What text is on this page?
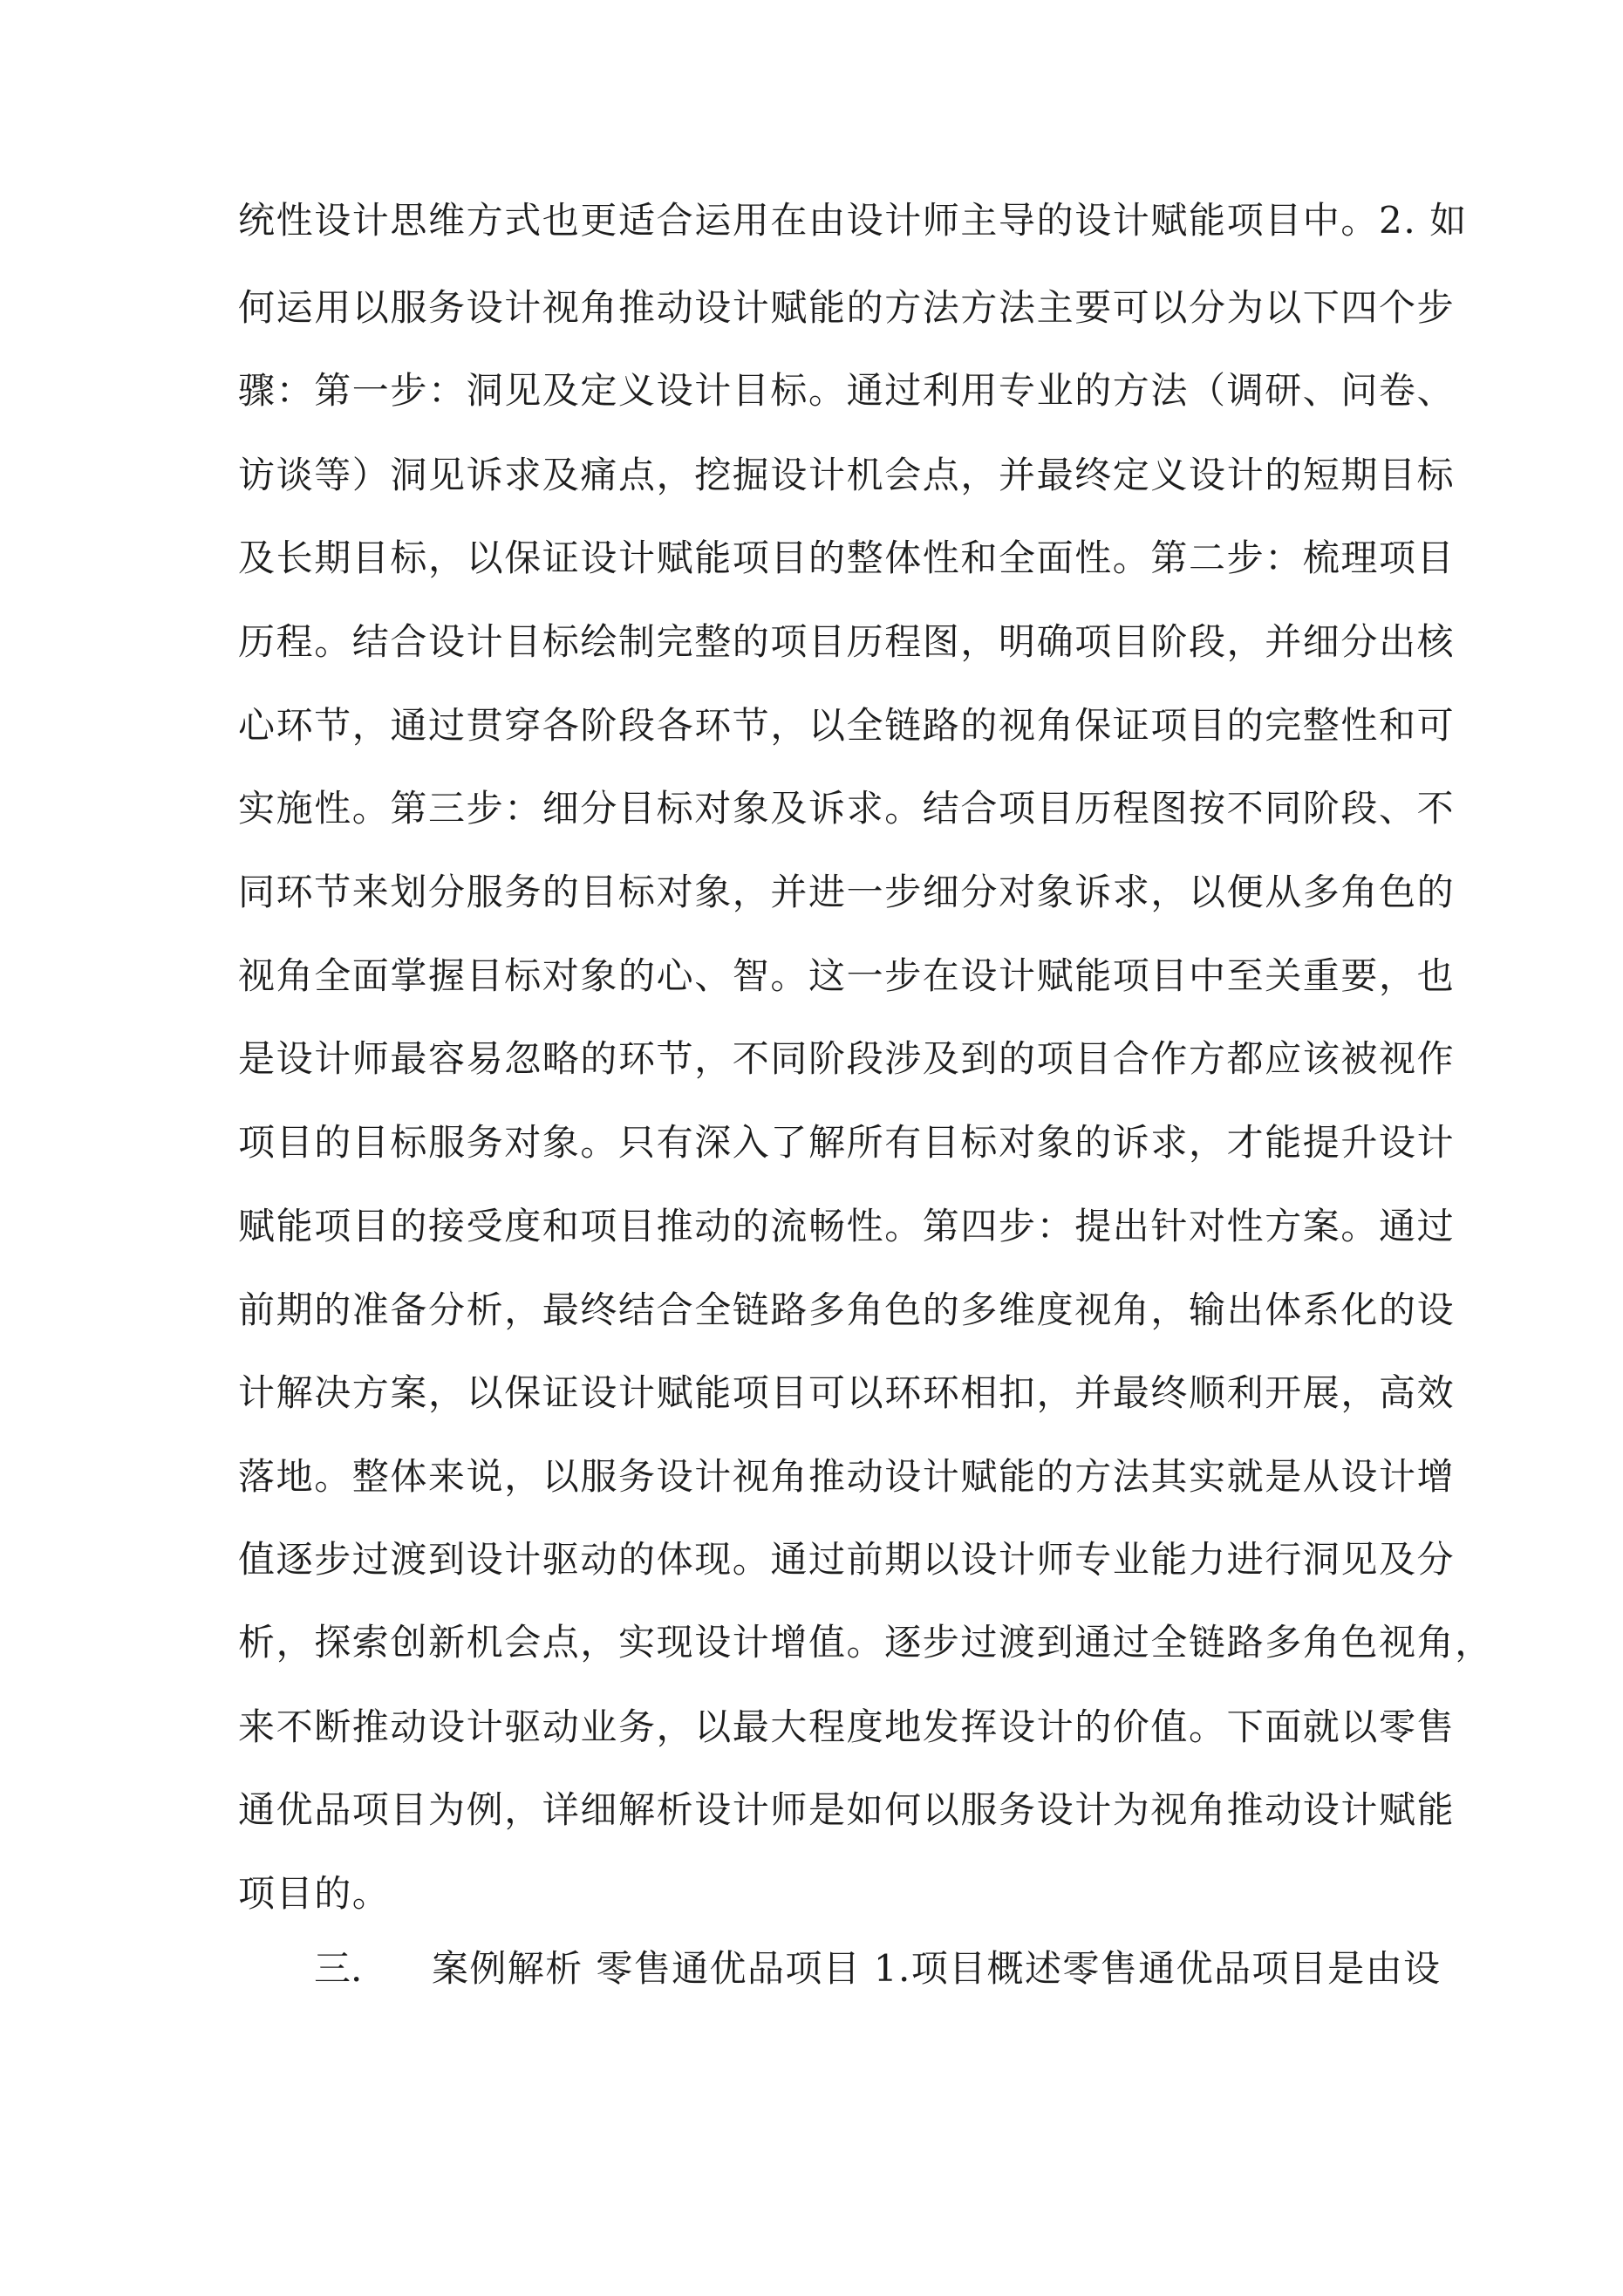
统性设计思维方式也更适合运用在由设计师主导的设计赋能项目中。2. 如
何运用以服务设计视角推动设计赋能的方法方法主要可以分为以下四个步
骤：第一步：洞见及定义设计目标。通过利用专业的方法（调研、问卷、
访谈等）洞见诉求及痛点，挖掘设计机会点，并最终定义设计的短期目标
及长期目标，以保证设计赋能项目的整体性和全面性。第二步：梳理项目
历程。结合设计目标绘制完整的项目历程图，明确项目阶段，并细分出核
心环节，通过贯穿各阶段各环节，以全链路的视角保证项目的完整性和可
实施性。第三步：细分目标对象及诉求。结合项目历程图按不同阶段、不
同环节来划分服务的目标对象，并进一步细分对象诉求，以便从多角色的
视角全面掌握目标对象的心、智。这一步在设计赋能项目中至关重要，也
是设计师最容易忽略的环节，不同阶段涉及到的项目合作方都应该被视作
项目的目标服务对象。只有深入了解所有目标对象的诉求，才能提升设计
赋能项目的接受度和项目推动的流畅性。第四步：提出针对性方案。通过
前期的准备分析，最终结合全链路多角色的多维度视角，输出体系化的设
计解决方案，以保证设计赋能项目可以环环相扣，并最终顺利开展，高效
落地。整体来说，以服务设计视角推动设计赋能的方法其实就是从设计增
值逐步过渡到设计驱动的体现。通过前期以设计师专业能力进行洞见及分
析，探索创新机会点，实现设计增值。逐步过渡到通过全链路多角色视角，
来不断推动设计驱动业务，以最大程度地发挥设计的价值。下面就以零售
通优品项目为例，详细解析设计师是如何以服务设计为视角推动设计赋能
项目的。
三. 案例解析 零售通优品项目 1.项目概述零售通优品项目是由设
